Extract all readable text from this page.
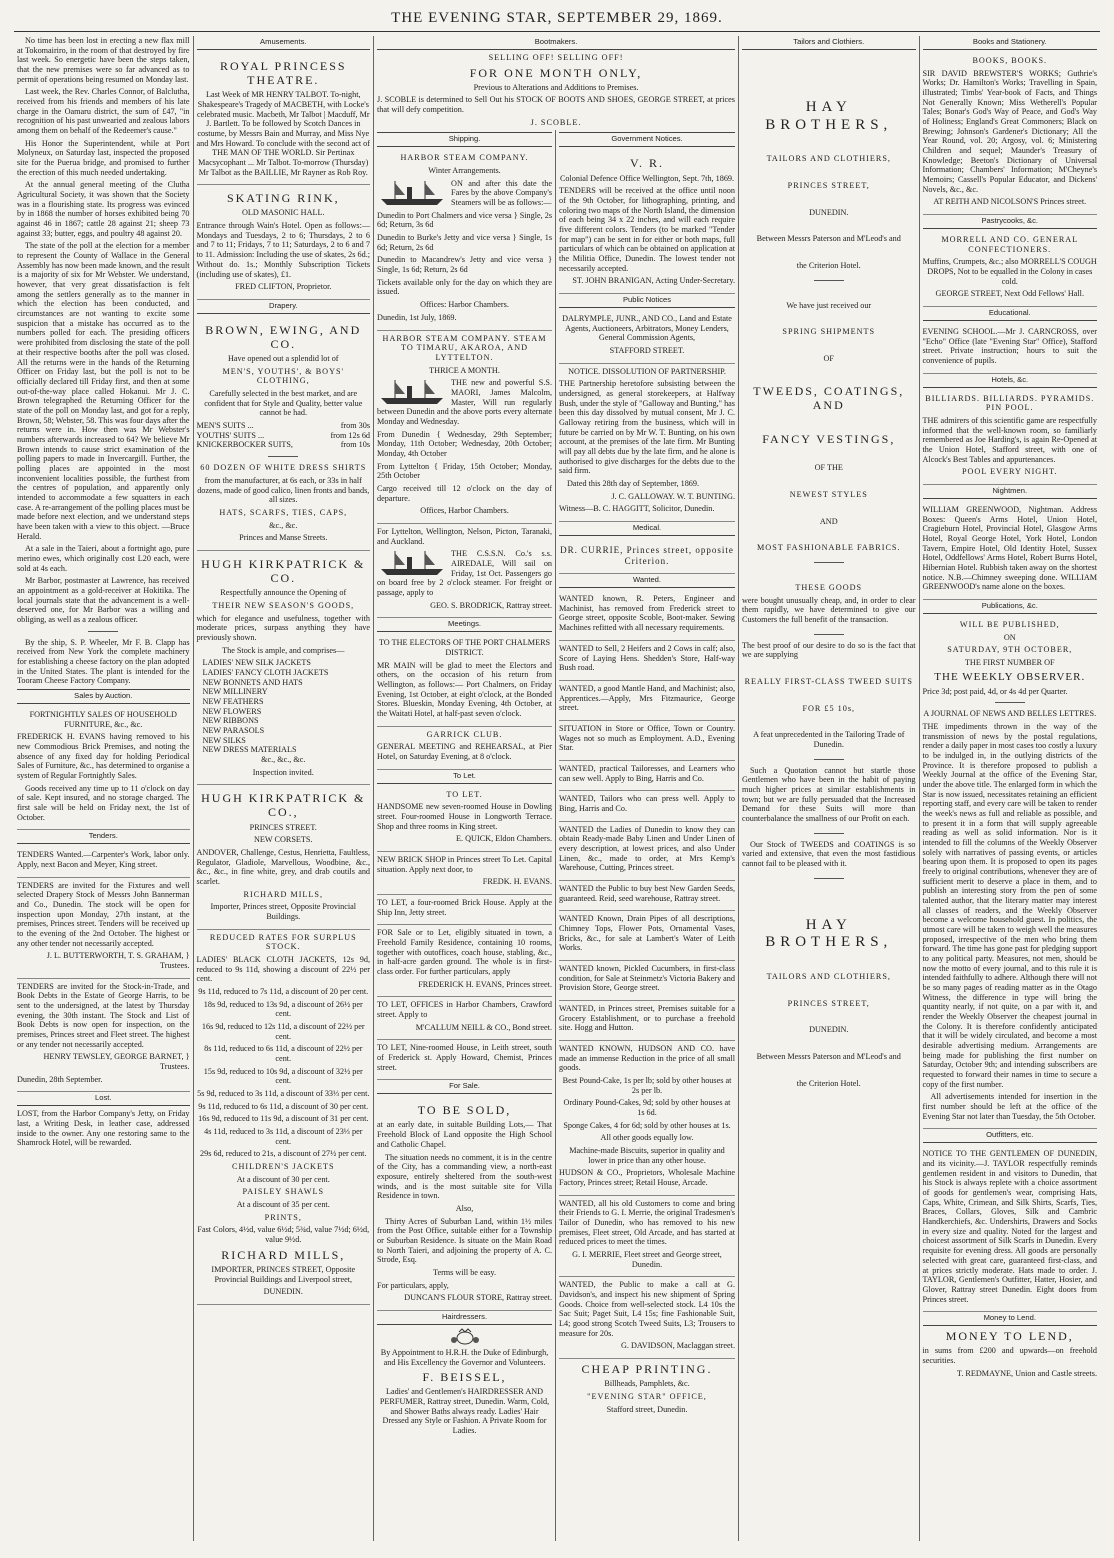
THE EVENING STAR, SEPTEMBER 29, 1869.

No time has been lost in erecting a new flax mill at Tokomairiro, in the room of that destroyed by fire last week. So energetic have been the steps taken, that the new premises were so far advanced as to permit of operations being resumed on Monday last.

Last week, the Rev. Charles Connor, of Balclutha, received from his friends and members of his late charge in the Oamaru district, the sum of £47, "in recognition of his past unwearied and zealous labors among them on behalf of the Redeemer's cause."

His Honor the Superintendent, while at Port Molyneux, on Saturday last, inspected the proposed site for the Puerua bridge, and promised to further the erection of this much needed undertaking.

At the annual general meeting of the Clutha Agricultural Society, it was shown that the Society was in a flourishing state. Its progress was evinced by in 1868 the number of horses exhibited being 70 against 46 in 1867; cattle 28 against 21; sheep 73 against 33; butter, eggs, and poultry 48 against 20.

The state of the poll at the election for a member to represent the County of Wallace in the General Assembly has now been made known, and the result is a majority of six for Mr Webster. We understand, however, that very great dissatisfaction is felt among the settlers generally as to the manner in which the election has been conducted, and circumstances are not wanting to excite some suspicion that a mistake has occurred as to the numbers polled for each. The presiding officers were prohibited from disclosing the state of the poll at their respective booths after the poll was closed. All the returns were in the hands of the Returning Officer on Friday last, but the poll is not to be officially declared till Friday first, and then at some out-of-the-way place called Hokanui. Mr J. C. Brown telegraphed the Returning Officer for the state of the poll on Monday last, and got for a reply, Brown, 58; Webster, 58. This was four days after the returns were in. How then was Mr Webster's numbers afterwards increased to 64? We believe Mr Brown intends to cause strict examination of the polling papers to made in Invercargill. Further, the polling places are appointed in the most inconvenient localities possible, the furthest from the centres of population, and apparently only intended to accommodate a few squatters in each case. A re-arrangement of the polling places must be made before next election, and we understand steps have been taken with a view to this object. —Bruce Herald.

At a sale in the Taieri, about a fortnight ago, pure merino ewes, which originally cost L20 each, were sold at 4s each.

Mr Barbor, postmaster at Lawrence, has received an appointment as a gold-receiver at Hokitika. The local journals state that the advancement is a well-deserved one, for Mr Barbor was a willing and obliging, as well as a zealous officer.

By the ship, S. P. Wheeler, Mr F. B. Clapp has received from New York the complete machinery for establishing a cheese factory on the plan adopted in the United States. The plant is intended for the Tooram Cheese Factory Company.

Sales by Auction.

FORTNIGHTLY SALES OF HOUSEHOLD FURNITURE, &c., &c.

FREDERICK H. EVANS having removed to his new Commodious Brick Premises, and noting the absence of any fixed day for holding Periodical Sales of Furniture, &c., has determined to organise a system of Regular Fortnightly Sales.

Goods received any time up to 11 o'clock on day of sale. Kept insured, and no storage charged. The first sale will be held on Friday next, the 1st of October.

Tenders.

TENDERS Wanted.—Carpenter's Work, labor only. Apply, next Bacon and Meyer, King street.

TENDERS are invited for the Fixtures and well selected Drapery Stock of Messrs John Bannerman and Co., Dunedin. The stock will be open for inspection upon Monday, 27th instant, at the premises, Princes street. Tenders will be received up to the evening of the 2nd October. The highest or any other tender not necessarily accepted.

J. L. BUTTERWORTH, T. S. GRAHAM, } Trustees.

TENDERS are invited for the Stock-in-Trade, and Book Debts in the Estate of George Harris, to be sent to the undersigned, at the latest by Thursday evening, the 30th instant. The Stock and List of Book Debts is now open for inspection, on the premises, Princes street and Fleet street. The highest or any tender not necessarily accepted.

HENRY TEWSLEY, GEORGE BARNET, } Trustees.

Dunedin, 28th September.

Lost.

LOST, from the Harbor Company's Jetty, on Friday last, a Writing Desk, in leather case, addressed inside to the owner. Any one restoring same to the Shamrock Hotel, will be rewarded.

Amusements.
ROYAL PRINCESS THEATRE.

Last Week of MR HENRY TALBOT. To-night, Shakespeare's Tragedy of MACBETH, with Locke's celebrated music. Macbeth, Mr Talbot | Macduff, Mr J. Bartlett. To be followed by Scotch Dances in costume, by Messrs Bain and Murray, and Miss Nye and Mrs Howard. To conclude with the second act of THE MAN OF THE WORLD. Sir Pertinax Macsycophant ... Mr Talbot. To-morrow (Thursday) Mr Talbot as the BAILLIE, Mr Rayner as Rob Roy.

SKATING RINK,

OLD MASONIC HALL.

Entrance through Wain's Hotel. Open as follows:—Mondays and Tuesdays, 2 to 6; Thursdays, 2 to 6 and 7 to 11; Fridays, 7 to 11; Saturdays, 2 to 6 and 7 to 11. Admission: Including the use of skates, 2s 6d.; Without do. 1s.; Monthly Subscription Tickets (including use of skates), £1.

FRED CLIFTON, Proprietor.

Drapery.
BROWN, EWING, AND CO.

Have opened out a splendid lot of

MEN'S, YOUTHS', & BOYS' CLOTHING,

Carefully selected in the best market, and are confident that for Style and Quality, better value cannot be had.

MEN'S SUITS ...	from 30s
YOUTHS' SUITS ...	from 12s 6d
KNICKERBOCKER SUITS,	from 10s

60 DOZEN OF WHITE DRESS SHIRTS

from the manufacturer, at 6s each, or 33s in half dozens, made of good calico, linen fronts and bands, all sizes.

HATS, SCARFS, TIES, CAPS,

&c., &c.

Princes and Manse Streets.

HUGH KIRKPATRICK & CO.

Respectfully announce the Opening of

THEIR NEW SEASON'S GOODS,

which for elegance and usefulness, together with moderate prices, surpass anything they have previously shown.

The Stock is ample, and comprises—

LADIES' NEW SILK JACKETS
LADIES' FANCY CLOTH JACKETS
NEW BONNETS AND HATS
NEW MILLINERY
NEW FEATHERS
NEW FLOWERS
NEW RIBBONS
NEW PARASOLS
NEW SILKS
NEW DRESS MATERIALS

&c., &c., &c.

Inspection invited.

HUGH KIRKPATRICK & CO.,

PRINCES STREET.

NEW CORSETS.

ANDOVER, Challenge, Cestus, Henrietta, Faultless, Regulator, Gladiole, Marvellous, Woodbine, &c., &c., &c., in fine white, grey, and drab coutils and scarlet.

RICHARD MILLS,

Importer, Princes street, Opposite Provincial Buildings.

REDUCED RATES FOR SURPLUS STOCK.

LADIES' BLACK CLOTH JACKETS, 12s 9d, reduced to 9s 11d, showing a discount of 22½ per cent.

9s 11d, reduced to 7s 11d, a discount of 20 per cent.

18s 9d, reduced to 13s 9d, a discount of 26½ per cent.

16s 9d, reduced to 12s 11d, a discount of 22½ per cent.

8s 11d, reduced to 6s 11d, a discount of 22½ per cent.

15s 9d, reduced to 10s 9d, a discount of 32½ per cent.

5s 9d, reduced to 3s 11d, a discount of 33⅓ per cent.

9s 11d, reduced to 6s 11d, a discount of 30 per cent.

16s 9d, reduced to 11s 9d, a discount of 31 per cent.

4s 11d, reduced to 3s 11d, a discount of 23⅓ per cent.

29s 6d, reduced to 21s, a discount of 27½ per cent.

CHILDREN'S JACKETS

At a discount of 30 per cent.

PAISLEY SHAWLS

At a discount of 35 per cent.

PRINTS,

Fast Colors, 4½d, value 6½d; 5¾d, value 7½d; 6½d, value 9½d.

RICHARD MILLS,

IMPORTER, PRINCES STREET, Opposite Provincial Buildings and Liverpool street,

DUNEDIN.

Bootmakers.

SELLING OFF! SELLING OFF!

FOR ONE MONTH ONLY,

Previous to Alterations and Additions to Premises.

J. SCOBLE is determined to Sell Out his STOCK OF BOOTS AND SHOES, GEORGE STREET, at prices that will defy competition.

J. SCOBLE.

Shipping.

HARBOR STEAM COMPANY.

Winter Arrangements.

ON and after this date the Fares by the above Company's Steamers will be as follows:—

Dunedin to Port Chalmers and vice versa } Single, 2s 6d; Return, 3s 6d

Dunedin to Burke's Jetty and vice versa } Single, 1s 6d; Return, 2s 6d

Dunedin to Macandrew's Jetty and vice versa } Single, 1s 6d; Return, 2s 6d

Tickets available only for the day on which they are issued.

Offices: Harbor Chambers.

Dunedin, 1st July, 1869.

HARBOR STEAM COMPANY. STEAM TO TIMARU, AKAROA, AND LYTTELTON.

THRICE A MONTH.

THE new and powerful S.S. MAORI, James Malcolm, Master, Will run regularly between Dunedin and the above ports every alternate Monday and Wednesday.

From Dunedin { Wednesday, 29th September; Monday, 11th October; Wednesday, 20th October; Monday, 4th October

From Lyttelton { Friday, 15th October; Monday, 25th October

Cargo received till 12 o'clock on the day of departure.

Offices, Harbor Chambers.

For Lyttelton, Wellington, Nelson, Picton, Taranaki, and Auckland.

THE C.S.S.N. Co.'s s.s. AIREDALE, Will sail on Friday, 1st Oct. Passengers go on board free by 2 o'clock steamer. For freight or passage, apply to

GEO. S. BRODRICK, Rattray street.

Meetings.

TO THE ELECTORS OF THE PORT CHALMERS DISTRICT.

MR MAIN will be glad to meet the Electors and others, on the occasion of his return from Wellington, as follows:— Port Chalmers, on Friday Evening, 1st October, at eight o'clock, at the Bonded Stores. Blueskin, Monday Evening, 4th October, at the Waitati Hotel, at half-past seven o'clock.

GARRICK CLUB.

GENERAL MEETING and REHEARSAL, at Pier Hotel, on Saturday Evening, at 8 o'clock.

To Let.

TO LET.

HANDSOME new seven-roomed House in Dowling street. Four-roomed House in Longworth Terrace. Shop and three rooms in King street.

E. QUICK, Eldon Chambers.

NEW BRICK SHOP in Princes street To Let. Capital situation. Apply next door, to

FREDK. H. EVANS.

TO LET, a four-roomed Brick House. Apply at the Ship Inn, Jetty street.

FOR Sale or to Let, eligibly situated in town, a Freehold Family Residence, containing 10 rooms, together with outoffices, coach house, stabling, &c., in half-acre garden ground. The whole is in first-class order. For further particulars, apply

FREDERICK H. EVANS, Princes street.

TO LET, OFFICES in Harbor Chambers, Crawford street. Apply to

M'CALLUM NEILL & CO., Bond street.

TO LET, Nine-roomed House, in Leith street, south of Frederick st. Apply Howard, Chemist, Princes street.

For Sale.
TO BE SOLD,

at an early date, in suitable Building Lots,— That Freehold Block of Land opposite the High School and Catholic Chapel.

The situation needs no comment, it is in the centre of the City, has a commanding view, a north-east exposure, entirely sheltered from the south-west winds, and is the most suitable site for Villa Residence in town.

Also,

Thirty Acres of Suburban Land, within 1½ miles from the Post Office, suitable either for a Township or Suburban Residence. Is situate on the Main Road to North Taieri, and adjoining the property of A. C. Strode, Esq.

Terms will be easy.

For particulars, apply,

DUNCAN'S FLOUR STORE, Rattray street.

Hairdressers.

By Appointment to H.R.H. the Duke of Edinburgh, and His Excellency the Governor and Volunteers.

F. BEISSEL,

Ladies' and Gentlemen's HAIRDRESSER AND PERFUMER, Rattray street, Dunedin. Warm, Cold, and Shower Baths always ready. Ladies' Hair Dressed any Style or Fashion. A Private Room for Ladies.

Government Notices.
V. R.

Colonial Defence Office Wellington, Sept. 7th, 1869.

TENDERS will be received at the office until noon of the 9th October, for lithographing, printing, and coloring two maps of the North Island, the dimension of each being 34 x 22 inches, and will each require five different colors. Tenders (to be marked "Tender for map") can be sent in for either or both maps, full particulars of which can be obtained on application at the Militia Office, Dunedin. The lowest tender not necessarily accepted.

ST. JOHN BRANIGAN, Acting Under-Secretary.

Public Notices

DALRYMPLE, JUNR., AND CO., Land and Estate Agents, Auctioneers, Arbitrators, Money Lenders, General Commission Agents,

STAFFORD STREET.

NOTICE. DISSOLUTION OF PARTNERSHIP.

THE Partnership heretofore subsisting between the undersigned, as general storekeepers, at Halfway Bush, under the style of "Galloway and Bunting," has been this day dissolved by mutual consent, Mr J. C. Galloway retiring from the business, which will in future be carried on by Mr W. T. Bunting, on his own account, at the premises of the late firm. Mr Bunting will pay all debts due by the late firm, and he alone is authorised to give discharges for the debts due to the said firm.

Dated this 28th day of September, 1869.

J. C. GALLOWAY. W. T. BUNTING.

Witness—B. C. HAGGITT, Solicitor, Dunedin.

Medical.

DR. CURRIE, Princes street, opposite Criterion.

Wanted.

WANTED known, R. Peters, Engineer and Machinist, has removed from Frederick street to George street, opposite Scoble, Boot-maker. Sewing Machines refitted with all necessary requirements.

WANTED to Sell, 2 Heifers and 2 Cows in calf; also, Score of Laying Hens. Shedden's Store, Half-way Bush road.

WANTED, a good Mantle Hand, and Machinist; also, Apprentices.—Apply, Mrs Fitzmaurice, George street.

SITUATION in Store or Office, Town or Country. Wages not so much as Employment. A.D., Evening Star.

WANTED, practical Tailoresses, and Learners who can sew well. Apply to Bing, Harris and Co.

WANTED, Tailors who can press well. Apply to Bing, Harris and Co.

WANTED the Ladies of Dunedin to know they can obtain Ready-made Baby Linen and Under Linen of every description, at lowest prices, and also Under Linen, &c., made to order, at Mrs Kemp's Warehouse, Cutting, Princes street.

WANTED the Public to buy best New Garden Seeds, guaranteed. Reid, seed warehouse, Rattray street.

WANTED Known, Drain Pipes of all descriptions, Chimney Tops, Flower Pots, Ornamental Vases, Bricks, &c., for sale at Lambert's Water of Leith Works.

WANTED known, Pickled Cucumbers, in first-class condition, for Sale at Steinmetz's Victoria Bakery and Provision Store, George street.

WANTED, in Princes street, Premises suitable for a Grocery Establishment, or to purchase a freehold site. Hogg and Hutton.

WANTED KNOWN, HUDSON AND CO. have made an immense Reduction in the price of all small goods.

Best Pound-Cake, 1s per lb; sold by other houses at 2s per lb.

Ordinary Pound-Cakes, 9d; sold by other houses at 1s 6d.

Sponge Cakes, 4 for 6d; sold by other houses at 1s.

All other goods equally low.

Machine-made Biscuits, superior in quality and lower in price than any other house.

HUDSON & CO., Proprietors, Wholesale Machine Factory, Princes street; Retail House, Arcade.

WANTED, all his old Customers to come and bring their Friends to G. I. Merrie, the original Tradesmen's Tailor of Dunedin, who has removed to his new premises, Fleet street, Old Arcade, and has started at reduced prices to meet the times.

G. I. MERRIE, Fleet street and George street, Dunedin.

WANTED, the Public to make a call at G. Davidson's, and inspect his new shipment of Spring Goods. Choice from well-selected stock. L4 10s the Sac Suit; Paget Suit, L4 15s; fine Fashionable Suit, L4; good strong Scotch Tweed Suits, L3; Trousers to measure for 20s.

G. DAVIDSON, Maclaggan street.

CHEAP PRINTING.

Billheads, Pamphlets, &c.

"EVENING STAR" OFFICE,

Stafford street, Dunedin.

Tailors and Clothiers.
HAY BROTHERS,

TAILORS AND CLOTHIERS,

PRINCES STREET,

DUNEDIN.

Between Messrs Paterson and M'Leod's and

the Criterion Hotel.

We have just received our

SPRING SHIPMENTS

OF

TWEEDS, COATINGS, AND
FANCY VESTINGS,

OF THE

NEWEST STYLES

AND

MOST FASHIONABLE FABRICS.

THESE GOODS

were bought unusually cheap, and, in order to clear them rapidly, we have determined to give our Customers the full benefit of the transaction.

The best proof of our desire to do so is the fact that we are supplying

REALLY FIRST-CLASS TWEED SUITS

FOR £5 10s,

A feat unprecedented in the Tailoring Trade of Dunedin.

Such a Quotation cannot but startle those Gentlemen who have been in the habit of paying much higher prices at similar establishments in town; but we are fully persuaded that the Increased Demand for these Suits will more than counterbalance the smallness of our Profit on each.

Our Stock of TWEEDS and COATINGS is so varied and extensive, that even the most fastidious cannot fail to be pleased with it.

HAY BROTHERS,

TAILORS AND CLOTHIERS,

PRINCES STREET,

DUNEDIN.

Between Messrs Paterson and M'Leod's and

the Criterion Hotel.

Books and Stationery.

BOOKS, BOOKS.

SIR DAVID BREWSTER'S WORKS; Guthrie's Works; Dr. Hamilton's Works; Travelling in Spain, illustrated; Timbs' Year-book of Facts, and Things Not Generally Known; Miss Wetherell's Popular Tales; Bonar's God's Way of Peace, and God's Way of Holiness; England's Great Commoners; Black on Brewing; Johnson's Gardener's Dictionary; All the Year Round, vol. 20; Argosy, vol. 6; Ministering Children and sequel; Maunder's Treasury of Knowledge; Beeton's Dictionary of Universal Information; Chambers' Information; M'Cheyne's Memoirs; Cassell's Popular Educator, and Dickens' Novels, &c., &c.

AT REITH AND NICOLSON'S Princes street.

Pastrycooks, &c.

MORRELL AND CO. GENERAL CONFECTIONERS.

Muffins, Crumpets, &c.; also MORRELL'S COUGH DROPS, Not to be equalled in the Colony in cases cold.

GEORGE STREET, Next Odd Fellows' Hall.

Educational.

EVENING SCHOOL.—Mr J. CARNCROSS, over "Echo" Office (late "Evening Star" Office), Stafford street. Private instruction; hours to suit the convenience of pupils.

Hotels, &c.

BILLIARDS. BILLIARDS. PYRAMIDS. PIN POOL.

THE admirers of this scientific game are respectfully informed that the well-known room, so familiarly remembered as Joe Harding's, is again Re-Opened at the Union Hotel, Stafford street, with one of Alcock's Best Tables and appurtenances.

POOL EVERY NIGHT.

Nightmen.

WILLIAM GREENWOOD, Nightman. Address Boxes: Queen's Arms Hotel, Union Hotel, Cragieburn Hotel, Provincial Hotel, Glasgow Arms Hotel, Royal George Hotel, York Hotel, London Tavern, Empire Hotel, Old Identity Hotel, Sussex Hotel, Oddfellows' Arms Hotel, Robert Burns Hotel, Hibernian Hotel. Rubbish taken away on the shortest notice. N.B.—Chimney sweeping done. WILLIAM GREENWOOD's name alone on the boxes.

Publications, &c.

WILL BE PUBLISHED,

ON

SATURDAY, 9TH OCTOBER,

THE FIRST NUMBER OF

THE WEEKLY OBSERVER.

Price 3d; post paid, 4d, or 4s 4d per Quarter.

A JOURNAL OF NEWS AND BELLES LETTRES.

THE impediments thrown in the way of the transmission of news by the postal regulations, render a daily paper in most cases too costly a luxury to be indulged in, in the outlying districts of the Province. It is therefore proposed to publish a Weekly Journal at the office of the Evening Star, under the above title. The enlarged form in which the Star is now issued, necessitates retaining an efficient reporting staff, and every care will be taken to render the week's news as full and reliable as possible, and to present it in a form that will supply agreeable reading as well as solid information. Nor is it intended to fill the columns of the Weekly Observer solely with narratives of passing events, or articles bearing upon them. It is proposed to open its pages freely to original contributions, whenever they are of sufficient merit to deserve a place in them, and to publish an interesting story from the pen of some talented author, that the literary matter may interest all classes of readers, and the Weekly Observer become a welcome household guest. In politics, the utmost care will be taken to weigh well the measures proposed, irrespective of the men who bring them forward. The time has gone past for pledging support to any political party. Measures, not men, should be now the motto of every journal, and to this rule it is intended faithfully to adhere. Although there will not be so many pages of reading matter as in the Otago Witness, the difference in type will bring the quantity nearly, if not quite, on a par with it, and render the Weekly Observer the cheapest journal in the Colony. It is therefore confidently anticipated that it will be widely circulated, and become a most desirable advertising medium. Arrangements are being made for publishing the first number on Saturday, October 9th; and intending subscribers are requested to forward their names in time to secure a copy of the first number.

All advertisements intended for insertion in the first number should be left at the office of the Evening Star not later than Tuesday, the 5th October.

Outfitters, etc.

NOTICE TO THE GENTLEMEN OF DUNEDIN, and its vicinity.—J. TAYLOR respectfully reminds gentlemen resident in and visitors to Dunedin, that his Stock is always replete with a choice assortment of goods for gentlemen's wear, comprising Hats, Caps, White, Crimean, and Silk Shirts, Scarfs, Ties, Braces, Collars, Gloves, Silk and Cambric Handkerchiefs, &c. Undershirts, Drawers and Socks in every size and quality. Noted for the largest and choicest assortment of Silk Scarfs in Dunedin. Every requisite for evening dress. All goods are personally selected with great care, guaranteed first-class, and at prices strictly moderate. Hats made to order. J. TAYLOR, Gentlemen's Outfitter, Hatter, Hosier, and Glover, Rattray street Dunedin. Eight doors from Princes street.

Money to Lend.
MONEY TO LEND,

in sums from £200 and upwards—on freehold securities.

T. REDMAYNE, Union and Castle streets.
